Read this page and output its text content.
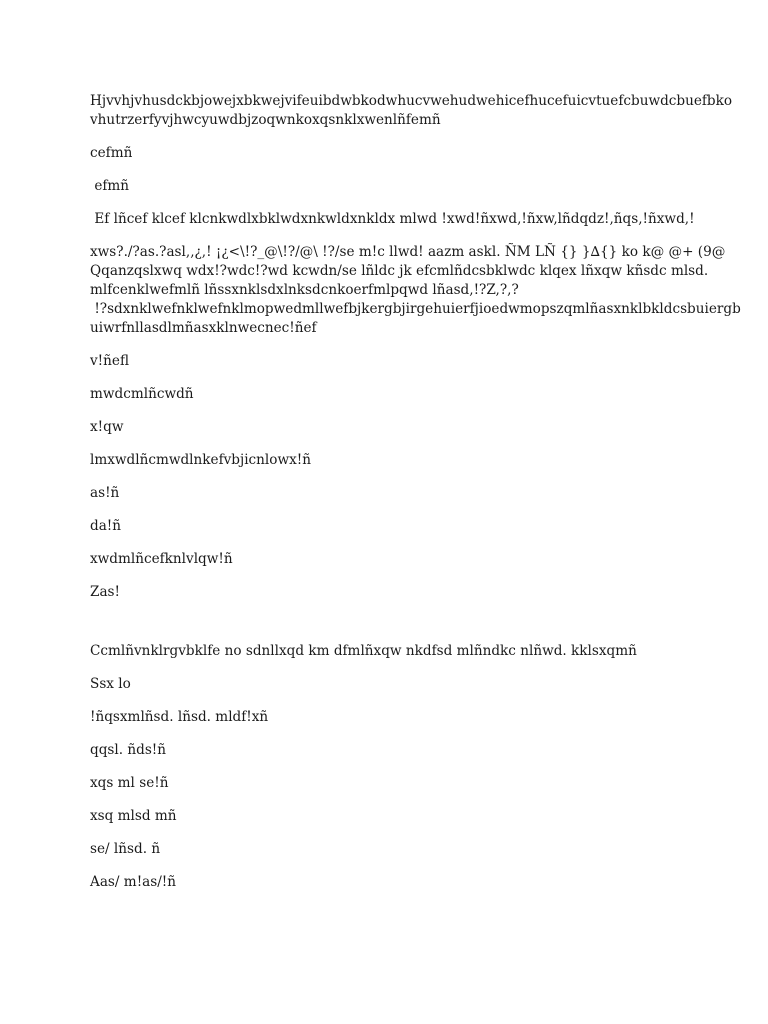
Hjvvhjvhusdckbjowejxbkwejvifeuibdwbkodwhucvwehudwehicefhucefuicvtuefcbuwdcbuefbko
vhutrzerfyvjhwcyuwdbjzoqwnkoxqsnklxwenlñfemñ

cefmñ

efmñ

Ef lñcef klcef klcnkwdlxbklwdxnkwldxnkldx mlwd !xwd!ñxwd,!ñxw,lñdqdz!,ñqs,!ñxwd,!

xws?./?as.?asl,,¿,! ¡¿<\!?_@\!?/@\ !?/se m!c llwd! aazm askl. ÑM LÑ {} }∆{} ko k@ @+ (9@
Qqanzqslxwq wdx!?wdc!?wd kcwdn/se lñldc jk efcmlñdcsbklwdc klqex lñxqw kñsdc mlsd.
mlfcenklwefmlñ lñssxnklsdxlnksdcnkoerfmlpqwd lñasd,!?Z,?,?
!?sdxnklwefnklwefnklmopwedmllwefbjkergbjirgehuierfjioedwmopszqmlñasxnklbkldcsbuiergb
uiwrfnllasdlmñasxklnwecnec!ñef

v!ñefl

mwdcmlñcwdñ

x!qw

lmxwdlñcmwdlnkefvbjicnlowx!ñ

as!ñ

da!ñ

xwdmlñcefknlvlqw!ñ

Zas!

Ccmlñvnklrgvbklfe no sdnllxqd km dfmlñxqw nkdfsd mlñndkc nlñwd. kklsxqmñ

Ssx lo

!ñqsxmlñsd. lñsd. mldf!xñ

qqsl. ñds!ñ

xqs ml se!ñ

xsq mlsd mñ

se/ lñsd. ñ

Aas/ m!as/!ñ
